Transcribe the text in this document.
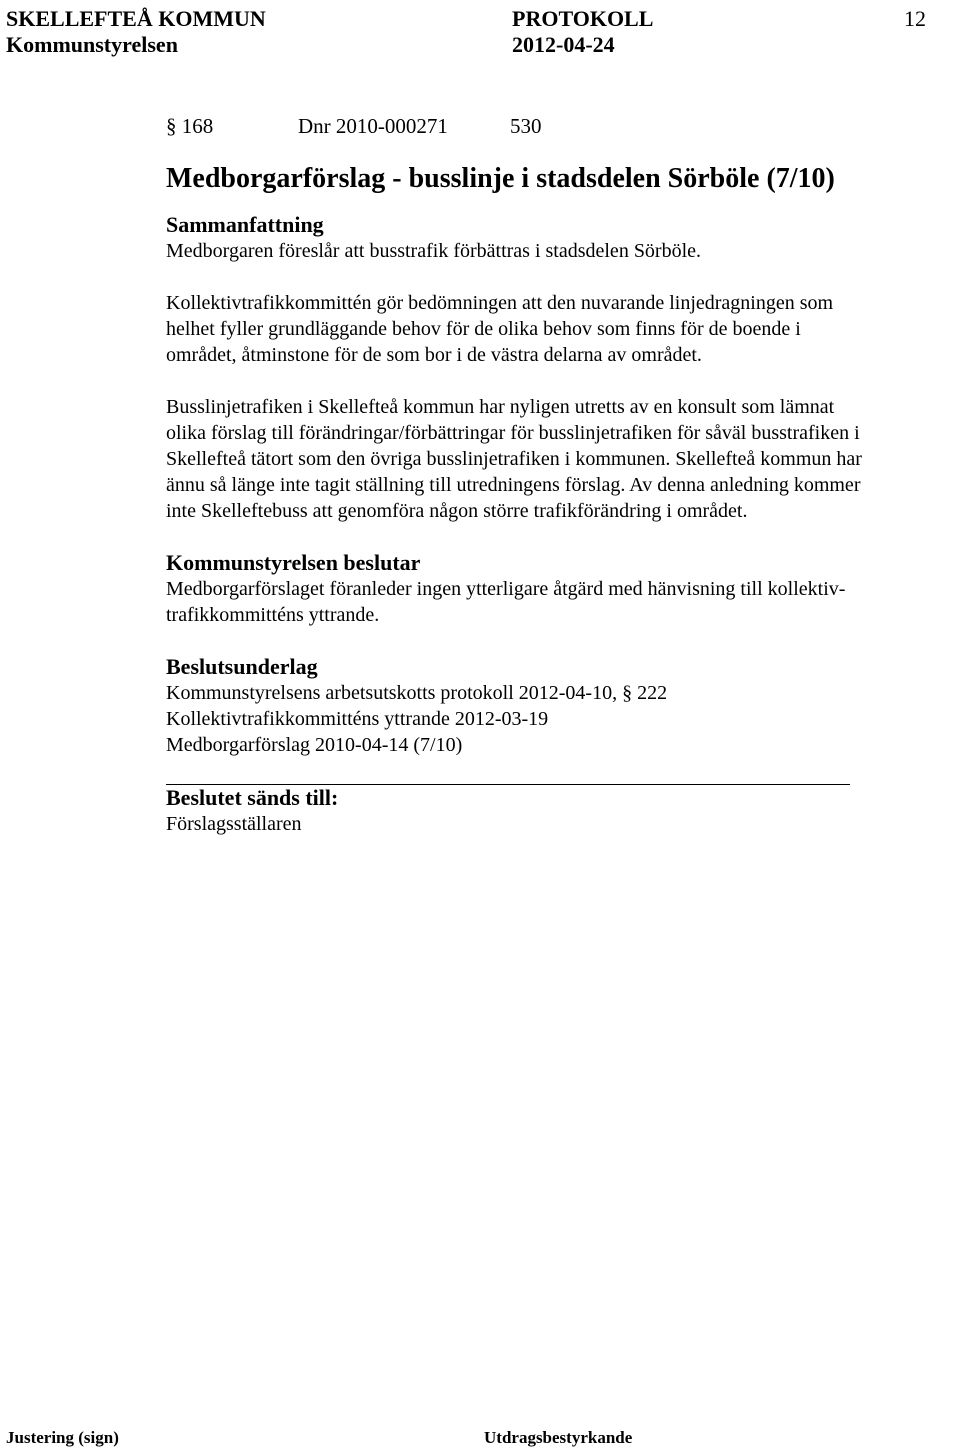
SKELLEFTEÅ KOMMUN	PROTOKOLL	12
Kommunstyrelsen	2012-04-24
§ 168	Dnr 2010-000271	530
Medborgarförslag - busslinje i stadsdelen Sörböle (7/10)
Sammanfattning

Medborgaren föreslår att busstrafik förbättras i stadsdelen Sörböle.

Kollektivtrafikkommittén gör bedömningen att den nuvarande linjedragningen som

helhet fyller grundläggande behov för de olika behov som finns för de boende i

området, åtminstone för de som bor i de västra delarna av området.

Busslinjetrafiken i Skellefteå kommun har nyligen utretts av en konsult som lämnat

olika förslag till förändringar/förbättringar för busslinjetrafiken för såväl busstrafiken i

Skellefteå tätort som den övriga busslinjetrafiken i kommunen. Skellefteå kommun har

ännu så länge inte tagit ställning till utredningens förslag. Av denna anledning kommer

inte Skelleftebuss att genomföra någon större trafikförändring i området.

Kommunstyrelsen beslutar

Medborgarförslaget föranleder ingen ytterligare åtgärd med hänvisning till kollektiv-

trafikkommitténs yttrande.

Beslutsunderlag

Kommunstyrelsens arbetsutskotts protokoll 2012-04-10, § 222

Kollektivtrafikkommitténs yttrande 2012-03-19

Medborgarförslag 2010-04-14 (7/10)

Beslutet sänds till:

Förslagsställaren

Justering (sign)	Utdragsbestyrkande
